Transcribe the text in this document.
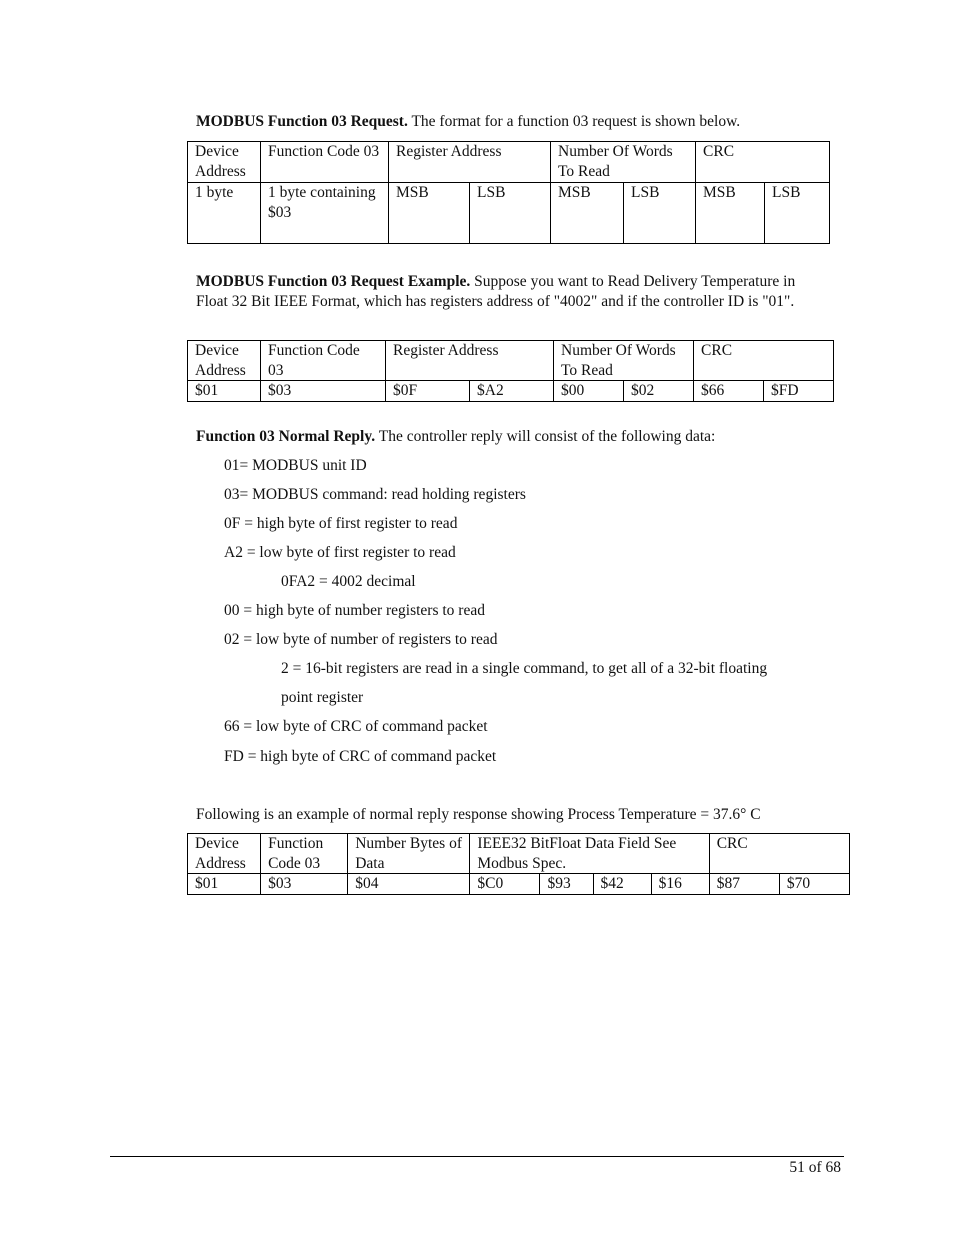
MODBUS Function 03 Request. The format for a function 03 request is shown below.

Device Address	Function Code 03	Register Address		Number Of Words To Read		CRC	
1 byte	1 byte containing $03	MSB	LSB	MSB	LSB	MSB	LSB

MODBUS Function 03 Request Example. Suppose you want to Read Delivery Temperature in Float 32 Bit IEEE Format, which has registers address of "4002" and if the controller ID is "01".

Device Address	Function Code 03	Register Address		Number Of Words To Read		CRC	
$01	$03	$0F	$A2	$00	$02	$66	$FD

Function 03 Normal Reply. The controller reply will consist of the following data:

01= MODBUS unit ID
03= MODBUS command: read holding registers
0F = high byte of first register to read
A2 = low byte of first register to read
0FA2 = 4002 decimal
00 = high byte of number registers to read
02 = low byte of number of registers to read
2 = 16-bit registers are read in a single command, to get all of a 32-bit floating
point register
66 = low byte of CRC of command packet
FD = high byte of CRC of command packet

Following is an example of normal reply response showing Process Temperature = 37.6° C

Device Address	Function Code 03	Number Bytes of Data	IEEE32 BitFloat Data Field See Modbus Spec.				CRC	
$01	$03	$04	$C0	$93	$42	$16	$87	$70
51 of 68
